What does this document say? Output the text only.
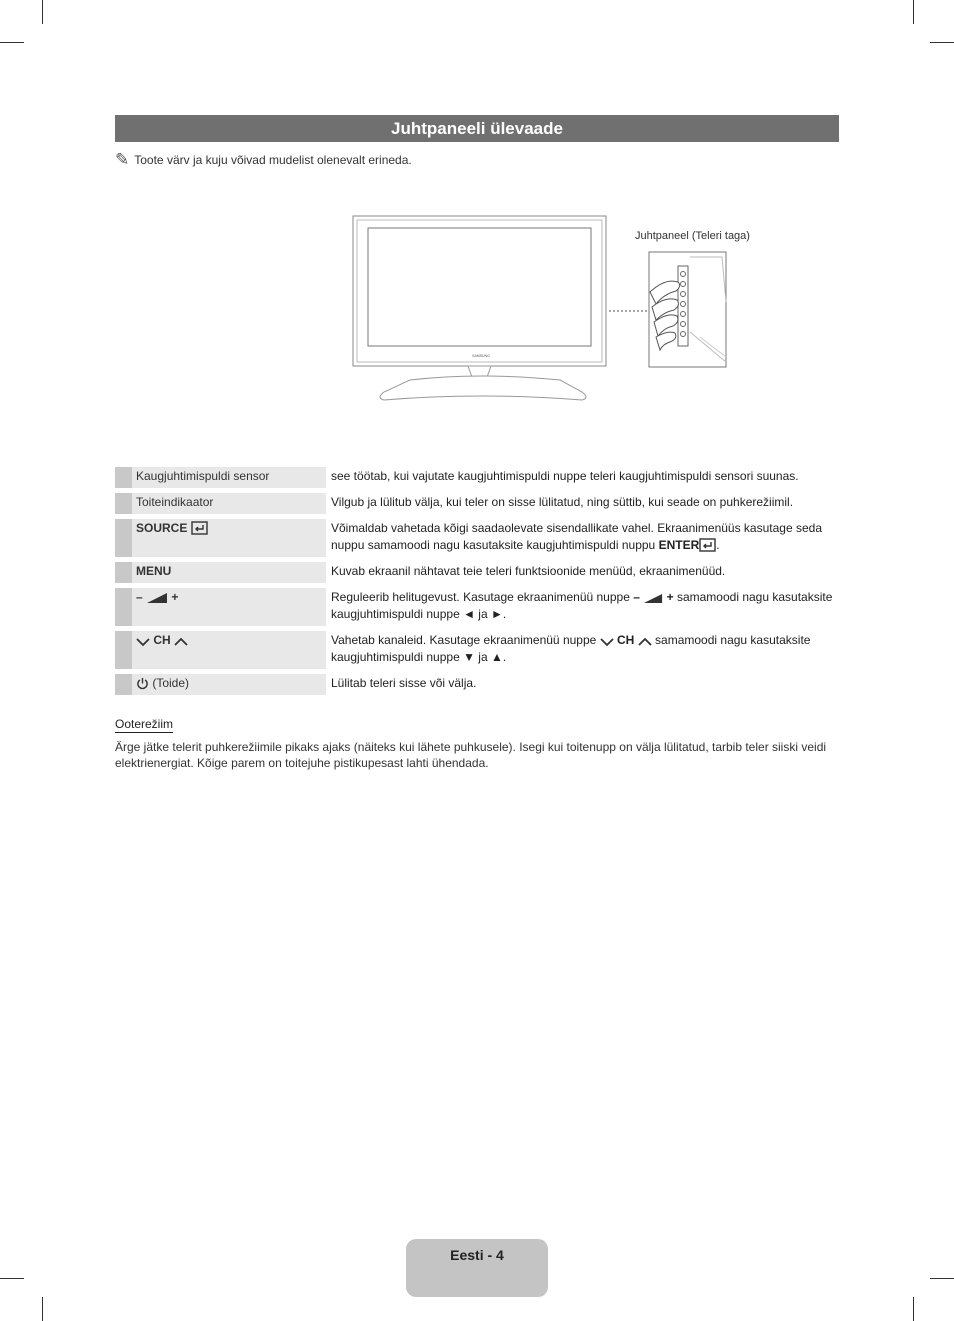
Juhtpaneeli ülevaade
✎ Toote värv ja kuju võivad mudelist olenevalt erineda.
SAMSUNG
Juhtpaneel (Teleri taga)
	Kaugjuhtimispuldi sensor	see töötab, kui vajutate kaugjuhtimispuldi nuppe teleri kaugjuhtimispuldi sensori suunas.
	Toiteindikaator	Vilgub ja lülitub välja, kui teler on sisse lülitatud, ning süttib, kui seade on puhkerežiimil.
	SOURCE	Võimaldab vahetada kõigi saadaolevate sisendallikate vahel. Ekraanimenüüs kasutage seda nuppu samamoodi nagu kasutaksite kaugjuhtimispuldi nuppu ENTER .
	MENU	Kuvab ekraanil nähtavat teie teleri funktsioonide menüüd, ekraanimenüüd.
	– +	Reguleerib helitugevust. Kasutage ekraanimenüü nuppe – + samamoodi nagu kasutaksite kaugjuhtimispuldi nuppe ◄ ja ►.
	CH	Vahetab kanaleid. Kasutage ekraanimenüü nuppe CH samamoodi nagu kasutaksite kaugjuhtimispuldi nuppe ▼ ja ▲.
	(Toide)	Lülitab teleri sisse või välja.
Ooterežiim
Ärge jätke telerit puhkerežiimile pikaks ajaks (näiteks kui lähete puhkusele). Isegi kui toitenupp on välja lülitatud, tarbib teler siiski veidi elektrienergiat. Kõige parem on toitejuhe pistikupesast lahti ühendada.
Eesti - 4
